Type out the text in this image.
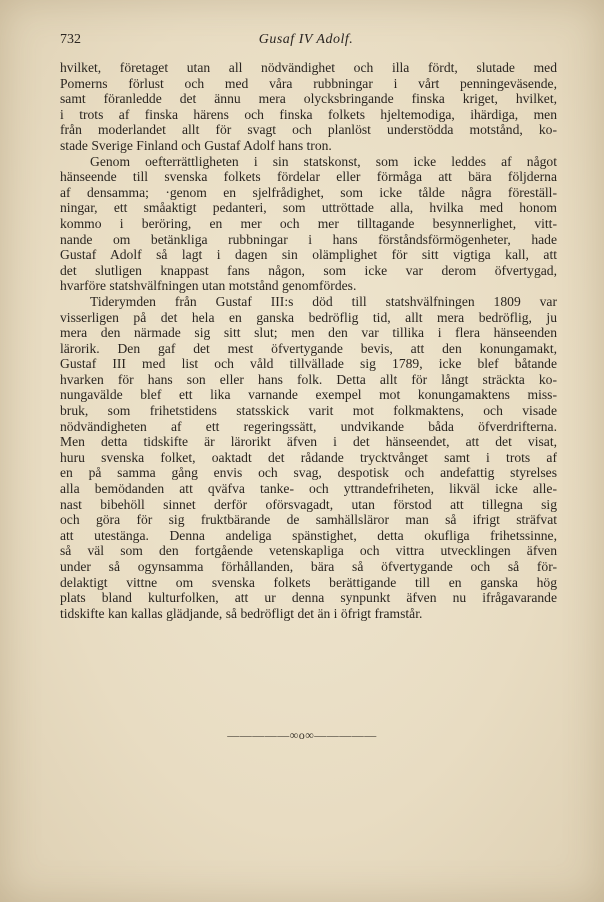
732	Gusaf IV Adolf.
hvilket, företaget utan all nödvändighet och illa fördt, slutade med
Pomerns förlust och med våra rubbningar i vårt penningeväsende,
samt föranledde det ännu mera olycksbringande finska kriget, hvilket,
i trots af finska härens och finska folkets hjeltemodiga, ihärdiga, men
från moderlandet allt för svagt och planlöst understödda motstånd, ko-
stade Sverige Finland och Gustaf Adolf hans tron.
Genom oefterrättligheten i sin statskonst, som icke leddes af något
hänseende till svenska folkets fördelar eller förmåga att bära följderna
af densamma; ·genom en sjelfrådighet, som icke tålde några föreställ-
ningar, ett småaktigt pedanteri, som uttröttade alla, hvilka med honom
kommo i beröring, en mer och mer tilltagande besynnerlighet, vitt-
nande om betänkliga rubbningar i hans förståndsförmögenheter, hade
Gustaf Adolf så lagt i dagen sin olämplighet för sitt vigtiga kall, att
det slutligen knappast fans någon, som icke var derom öfvertygad,
hvarföre statshvälfningen utan motstånd genomfördes.
Tiderymden från Gustaf III:s död till statshvälfningen 1809 var
visserligen på det hela en ganska bedröflig tid, allt mera bedröflig, ju
mera den närmade sig sitt slut; men den var tillika i flera hänseenden
lärorik. Den gaf det mest öfvertygande bevis, att den konungamakt,
Gustaf III med list och våld tillvällade sig 1789, icke blef båtande
hvarken för hans son eller hans folk. Detta allt för långt sträckta ko-
nungavälde blef ett lika varnande exempel mot konungamaktens miss-
bruk, som frihetstidens statsskick varit mot folkmaktens, och visade
nödvändigheten af ett regeringssätt, undvikande båda öfverdrifterna.
Men detta tidskifte är lärorikt äfven i det hänseendet, att det visat,
huru svenska folket, oaktadt det rådande trycktvånget samt i trots af
en på samma gång envis och svag, despotisk och andefattig styrelses
alla bemödanden att qväfva tanke- och yttrandefriheten, likväl icke alle-
nast bibehöll sinnet derför oförsvagadt, utan förstod att tillegna sig
och göra för sig fruktbärande de samhällsläror man så ifrigt sträfvat
att utestänga. Denna andeliga spänstighet, detta okufliga frihetssinne,
så väl som den fortgående vetenskapliga och vittra utvecklingen äfven
under så ogynsamma förhållanden, bära så öfvertygande och så för-
delaktigt vittne om svenska folkets berättigande till en ganska hög
plats bland kulturfolken, att ur denna synpunkt äfven nu ifrågavarande
tidskifte kan kallas glädjande, så bedröfligt det än i öfrigt framstår.
—————∞o∞—————
